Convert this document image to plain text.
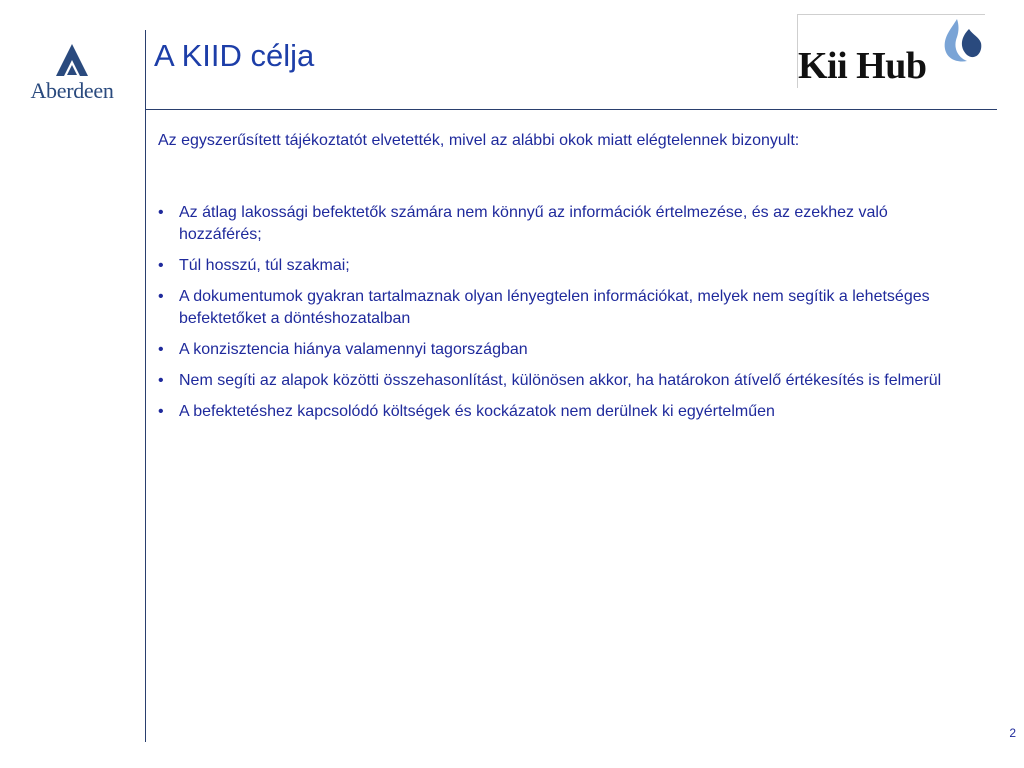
Aberdeen
A KIID célja	Kii Hub

Az egyszerűsített tájékoztatót elvetették, mivel az alábbi okok miatt elégtelennek bizonyult:

• Az átlag lakossági befektetők számára nem könnyű az információk értelmezése, és az ezekhez való hozzáférés;
• Túl hosszú, túl szakmai;
• A dokumentumok gyakran tartalmaznak olyan lényegtelen információkat, melyek nem segítik a lehetséges befektetőket a döntéshozatalban
• A konzisztencia hiánya valamennyi tagországban
• Nem segíti az alapok közötti összehasonlítást, különösen akkor, ha határokon átívelő értékesítés is felmerül
• A befektetéshez kapcsolódó költségek és kockázatok nem derülnek ki egyértelműen
2
